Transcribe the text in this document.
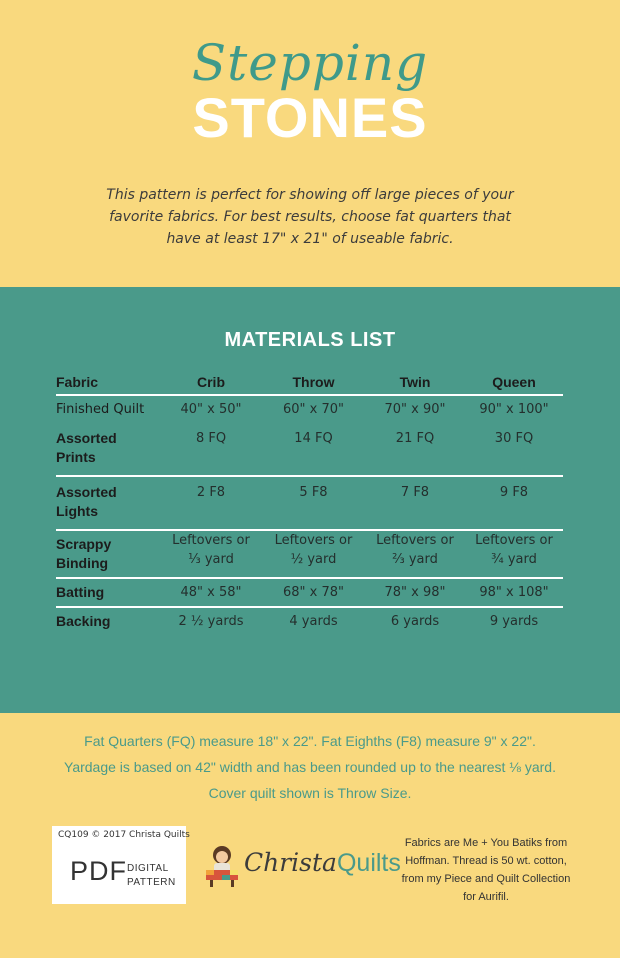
Stepping
STONES

This pattern is perfect for showing off large pieces of your favorite fabrics. For best results, choose fat quarters that have at least 17" x 21" of useable fabric.

MATERIALS LIST
Fabric	Crib	Throw	Twin	Queen
Finished Quilt	40" x 50"	60" x 70"	70" x 90"	90" x 100"
Assorted Prints	8 FQ	14 FQ	21 FQ	30 FQ
Assorted Lights	2 F8	5 F8	7 F8	9 F8
Scrappy Binding	Leftovers or ⅓ yard	Leftovers or ½ yard	Leftovers or ⅔ yard	Leftovers or ¾ yard
Batting	48" x 58"	68" x 78"	78" x 98"	98" x 108"
Backing	2 ½ yards	4 yards	6 yards	9 yards
Fat Quarters (FQ) measure 18" x 22". Fat Eighths (F8) measure 9" x 22".
Yardage is based on 42" width and has been rounded up to the nearest ⅛ yard.
Cover quilt shown is Throw Size.
CQ109 © 2017 Christa Quilts
PDF DIGITAL
PATTERN
ChristaQuilts

Fabrics are Me + You Batiks from Hoffman. Thread is 50 wt. cotton, from my Piece and Quilt Collection for Aurifil.
